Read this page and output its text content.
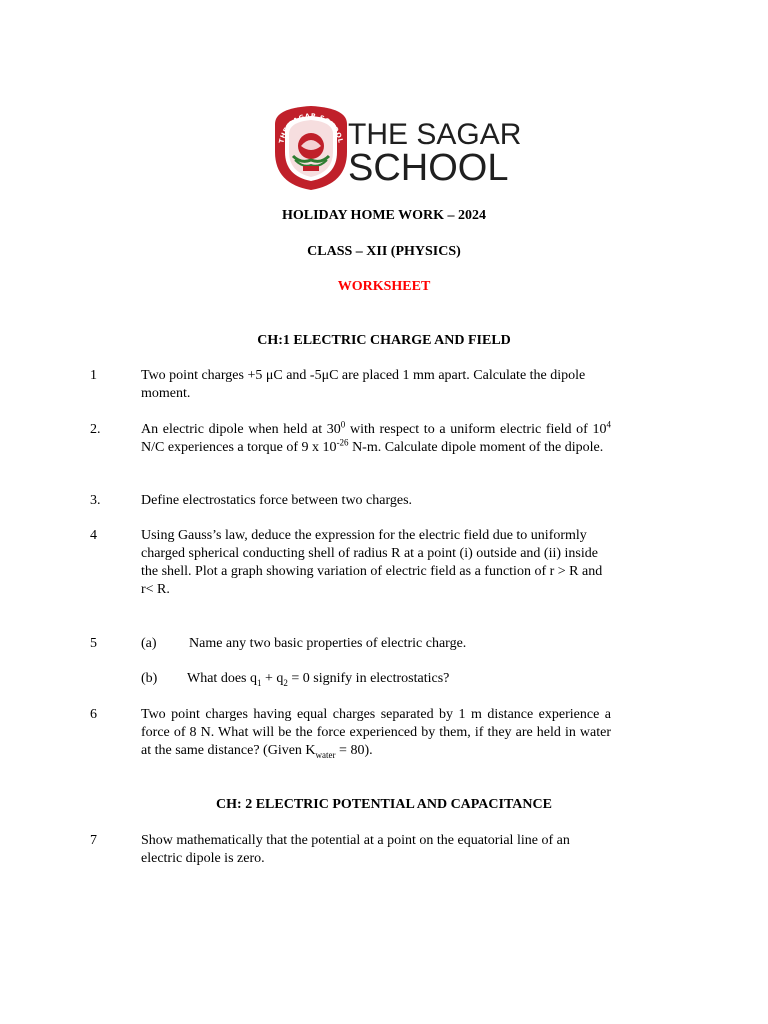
THE SAGAR SCHOOL THE SAGAR
SCHOOL
HOLIDAY HOME WORK – 2024
CLASS – XII (PHYSICS)
WORKSHEET
CH:1 ELECTRIC CHARGE AND FIELD
1	Two point charges +5 μC and -5μC are placed 1 mm apart. Calculate the dipole moment.
2.	An electric dipole when held at $30^0$ with respect to a uniform electric field of $10^4$ N/C experiences a torque of 9 x $10^{-26}$ N-m. Calculate dipole moment of the dipole.
3.	Define electrostatics force between two charges.
4	Using Gauss’s law, deduce the expression for the electric field due to uniformly charged spherical conducting shell of radius R at a point (i) outside and (ii) inside the shell. Plot a graph showing variation of electric field as a function of r > R and r< R.
5	(a) Name any two basic properties of electric charge.
(b) What does $q_1 + q_2 = 0$ signify in electrostatics?
6	Two point charges having equal charges separated by 1 m distance experience a force of 8 N. What will be the force experienced by them, if they are held in water at the same distance? (Given $K_{water} = 80$).
CH: 2 ELECTRIC POTENTIAL AND CAPACITANCE
7	Show mathematically that the potential at a point on the equatorial line of an electric dipole is zero.
